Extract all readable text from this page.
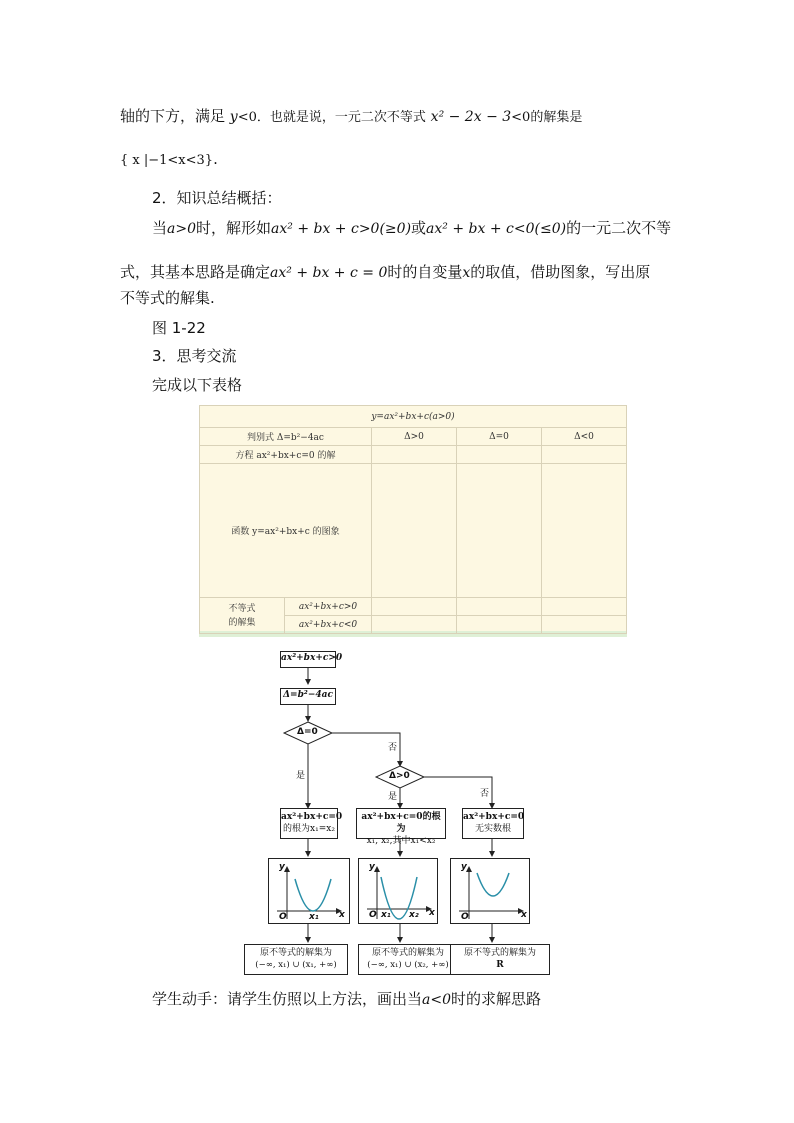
轴的下方，满足 y<0．也就是说，一元二次不等式 x² − 2x − 3<0的解集是
{ x |−1<x<3}.
2．知识总结概括：
当a>0时，解形如ax² + bx + c>0(≥0)或ax² + bx + c<0(≤0)的一元二次不等
式，其基本思路是确定ax² + bx + c = 0时的自变量x的取值，借助图象，写出原
不等式的解集.
图 1-22
3．思考交流
完成以下表格
y=ax²+bx+c(a>0)				
判别式 Δ=b²−4ac		Δ>0	Δ=0	Δ<0
方程 ax²+bx+c=0 的解				
函数 y=ax²+bx+c 的图象				
不等式
的解集	ax²+bx+c>0			
	ax²+bx+c<0			
ax²+bx+c>0
Δ=b²−4ac
Δ=0
Δ>0
否
是
是	否
ax²+bx+c=0
的根为x₁=x₂
ax²+bx+c=0的根为
x₁, x₂,其中x₁<x₂
ax²+bx+c=0
无实数根
y
O x₁ x
y
O x₁ x₂ x
y
O	x
原不等式的解集为
(−∞, x₁) ∪ (x₁, +∞)
原不等式的解集为
(−∞, x₁) ∪ (x₂, +∞)
原不等式的解集为
R
学生动手：请学生仿照以上方法，画出当a<0时的求解思路
